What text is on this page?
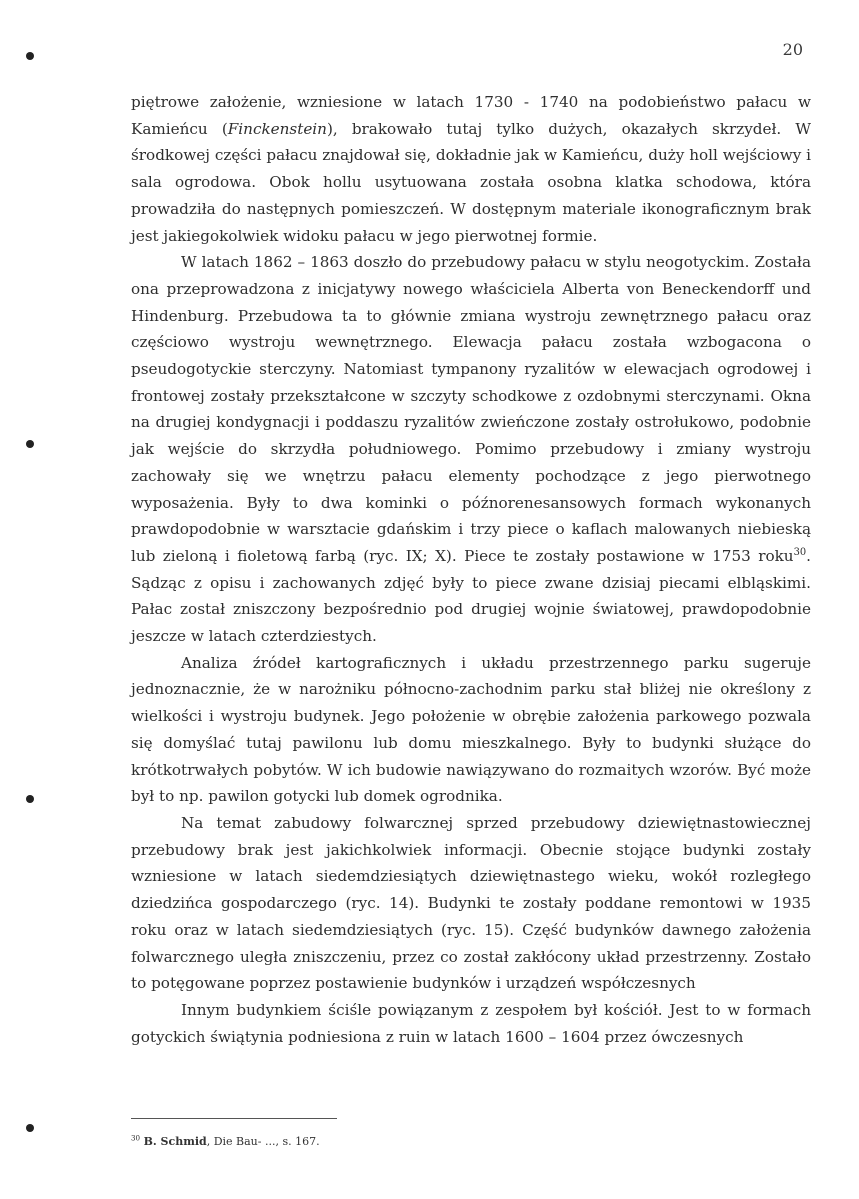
20

piętrowe założenie, wzniesione w latach 1730 - 1740 na podobieństwo pałacu w Kamieńcu (Finckenstein), brakowało tutaj tylko dużych, okazałych skrzydeł. W środkowej części pałacu znajdował się, dokładnie jak w Kamieńcu, duży holl wejściowy i sala ogrodowa. Obok hollu usytuowana została osobna klatka schodowa, która prowadziła do następnych pomieszczeń. W dostępnym materiale ikonograficznym brak jest jakiegokolwiek widoku pałacu w jego pierwotnej formie.

W latach 1862 – 1863 doszło do przebudowy pałacu w stylu neogotyckim. Została ona przeprowadzona z inicjatywy nowego właściciela Alberta von Beneckendorff und Hindenburg. Przebudowa ta to głównie zmiana wystroju zewnętrznego pałacu oraz częściowo wystroju wewnętrznego. Elewacja pałacu została wzbogacona o pseudogotyckie sterczyny. Natomiast tympanony ryzalitów w elewacjach ogrodowej i frontowej zostały przekształcone w szczyty schodkowe z ozdobnymi sterczynami. Okna na drugiej kondygnacji i poddaszu ryzalitów zwieńczone zostały ostrołukowo, podobnie jak wejście do skrzydła południowego. Pomimo przebudowy i zmiany wystroju zachowały się we wnętrzu pałacu elementy pochodzące z jego pierwotnego wyposażenia. Były to dwa kominki o późnorenesansowych formach wykonanych prawdopodobnie w warsztacie gdańskim i trzy piece o kaflach malowanych niebieską lub zieloną i fioletową farbą (ryc. IX; X). Piece te zostały postawione w 1753 roku$^{30}$. Sądząc z opisu i zachowanych zdjęć były to piece zwane dzisiaj piecami elbląskimi. Pałac został zniszczony bezpośrednio pod drugiej wojnie światowej, prawdopodobnie jeszcze w latach czterdziestych.

Analiza źródeł kartograficznych i układu przestrzennego parku sugeruje jednoznacznie, że w narożniku północno-zachodnim parku stał bliżej nie określony z wielkości i wystroju budynek. Jego położenie w obrębie założenia parkowego pozwala się domyślać tutaj pawilonu lub domu mieszkalnego. Były to budynki służące do krótkotrwałych pobytów. W ich budowie nawiązywano do rozmaitych wzorów. Być może był to np. pawilon gotycki lub domek ogrodnika.

Na temat zabudowy folwarcznej sprzed przebudowy dziewiętnastowiecznej przebudowy brak jest jakichkolwiek informacji. Obecnie stojące budynki zostały wzniesione w latach siedemdziesiątych dziewiętnastego wieku, wokół rozległego dziedzińca gospodarczego (ryc. 14). Budynki te zostały poddane remontowi w 1935 roku oraz w latach siedemdziesiątych (ryc. 15). Część budynków dawnego założenia folwarcznego uległa zniszczeniu, przez co został zakłócony układ przestrzenny. Zostało to potęgowane poprzez postawienie budynków i urządzeń współczesnych

Innym budynkiem ściśle powiązanym z zespołem był kościół. Jest to w formach gotyckich świątynia podniesiona z ruin w latach 1600 – 1604 przez ówczesnych

$^{30}$ B. Schmid, Die Bau- ..., s. 167.
